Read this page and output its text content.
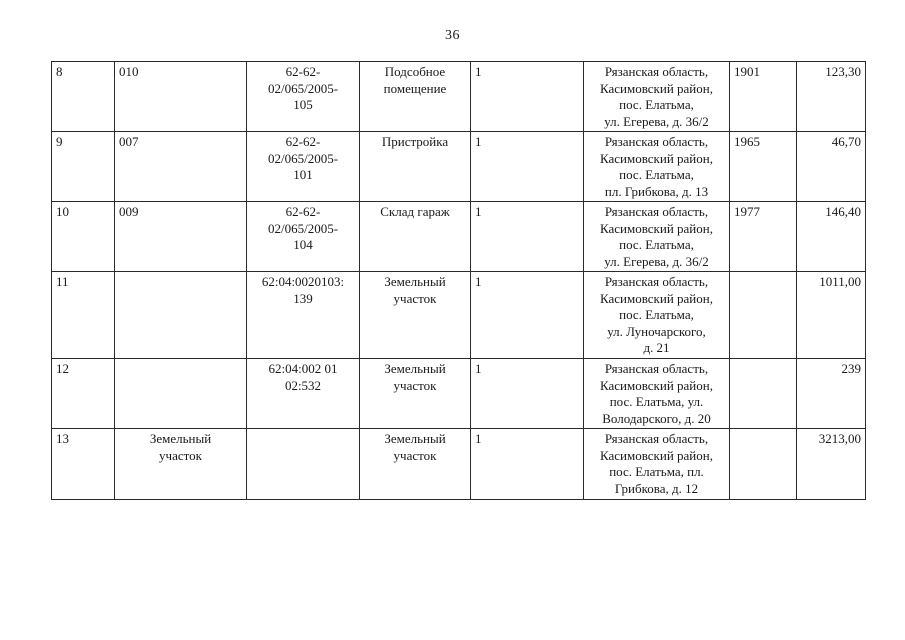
36
8	010	62-62-
02/065/2005-
105	Подсобное
помещение	1	Рязанская область,
Касимовский район,
пос. Елатьма,
ул. Егерева, д. 36/2	1901	123,30
9	007	62-62-
02/065/2005-
101	Пристройка	1	Рязанская область,
Касимовский район,
пос. Елатьма,
пл. Грибкова, д. 13	1965	46,70
10	009	62-62-
02/065/2005-
104	Склад гараж	1	Рязанская область,
Касимовский район,
пос. Елатьма,
ул. Егерева, д. 36/2	1977	146,40
11		62:04:0020103:
139	Земельный
участок	1	Рязанская область,
Касимовский район,
пос. Елатьма,
ул. Луночарского,
д. 21		1011,00
12		62:04:002 01
02:532	Земельный
участок	1	Рязанская область,
Касимовский район,
пос. Елатьма, ул.
Володарского, д. 20		239
13	Земельный
участок		Земельный
участок	1	Рязанская область,
Касимовский район,
пос. Елатьма, пл.
Грибкова, д. 12		3213,00
